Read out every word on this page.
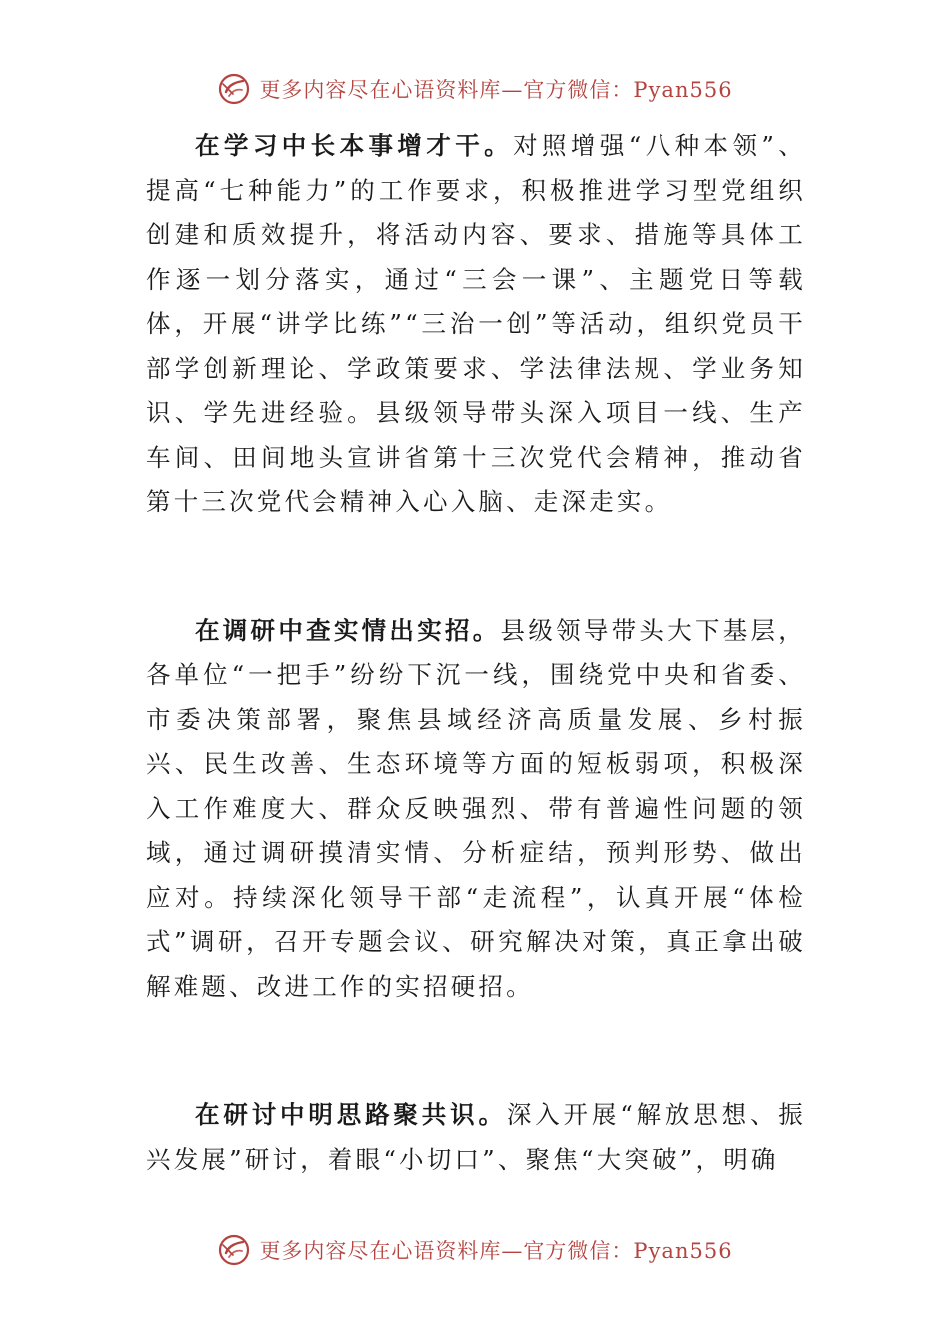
更多内容尽在心语资料库—官方微信：Pyan556

在学习中长本事增才干。对照增强“八种本领”、提高“七种能力”的工作要求，积极推进学习型党组织创建和质效提升，将活动内容、要求、措施等具体工作逐一划分落实，通过“三会一课”、主题党日等载体，开展“讲学比练”“三治一创”等活动，组织党员干部学创新理论、学政策要求、学法律法规、学业务知识、学先进经验。县级领导带头深入项目一线、生产车间、田间地头宣讲省第十三次党代会精神，推动省第十三次党代会精神入心入脑、走深走实。

在调研中查实情出实招。县级领导带头大下基层，各单位“一把手”纷纷下沉一线，围绕党中央和省委、市委决策部署，聚焦县域经济高质量发展、乡村振兴、民生改善、生态环境等方面的短板弱项，积极深入工作难度大、群众反映强烈、带有普遍性问题的领域，通过调研摸清实情、分析症结，预判形势、做出应对。持续深化领导干部“走流程”，认真开展“体检式”调研，召开专题会议、研究解决对策，真正拿出破解难题、改进工作的实招硬招。

在研讨中明思路聚共识。深入开展“解放思想、振兴发展”研讨，着眼“小切口”、聚焦“大突破”，明确

更多内容尽在心语资料库—官方微信：Pyan556
